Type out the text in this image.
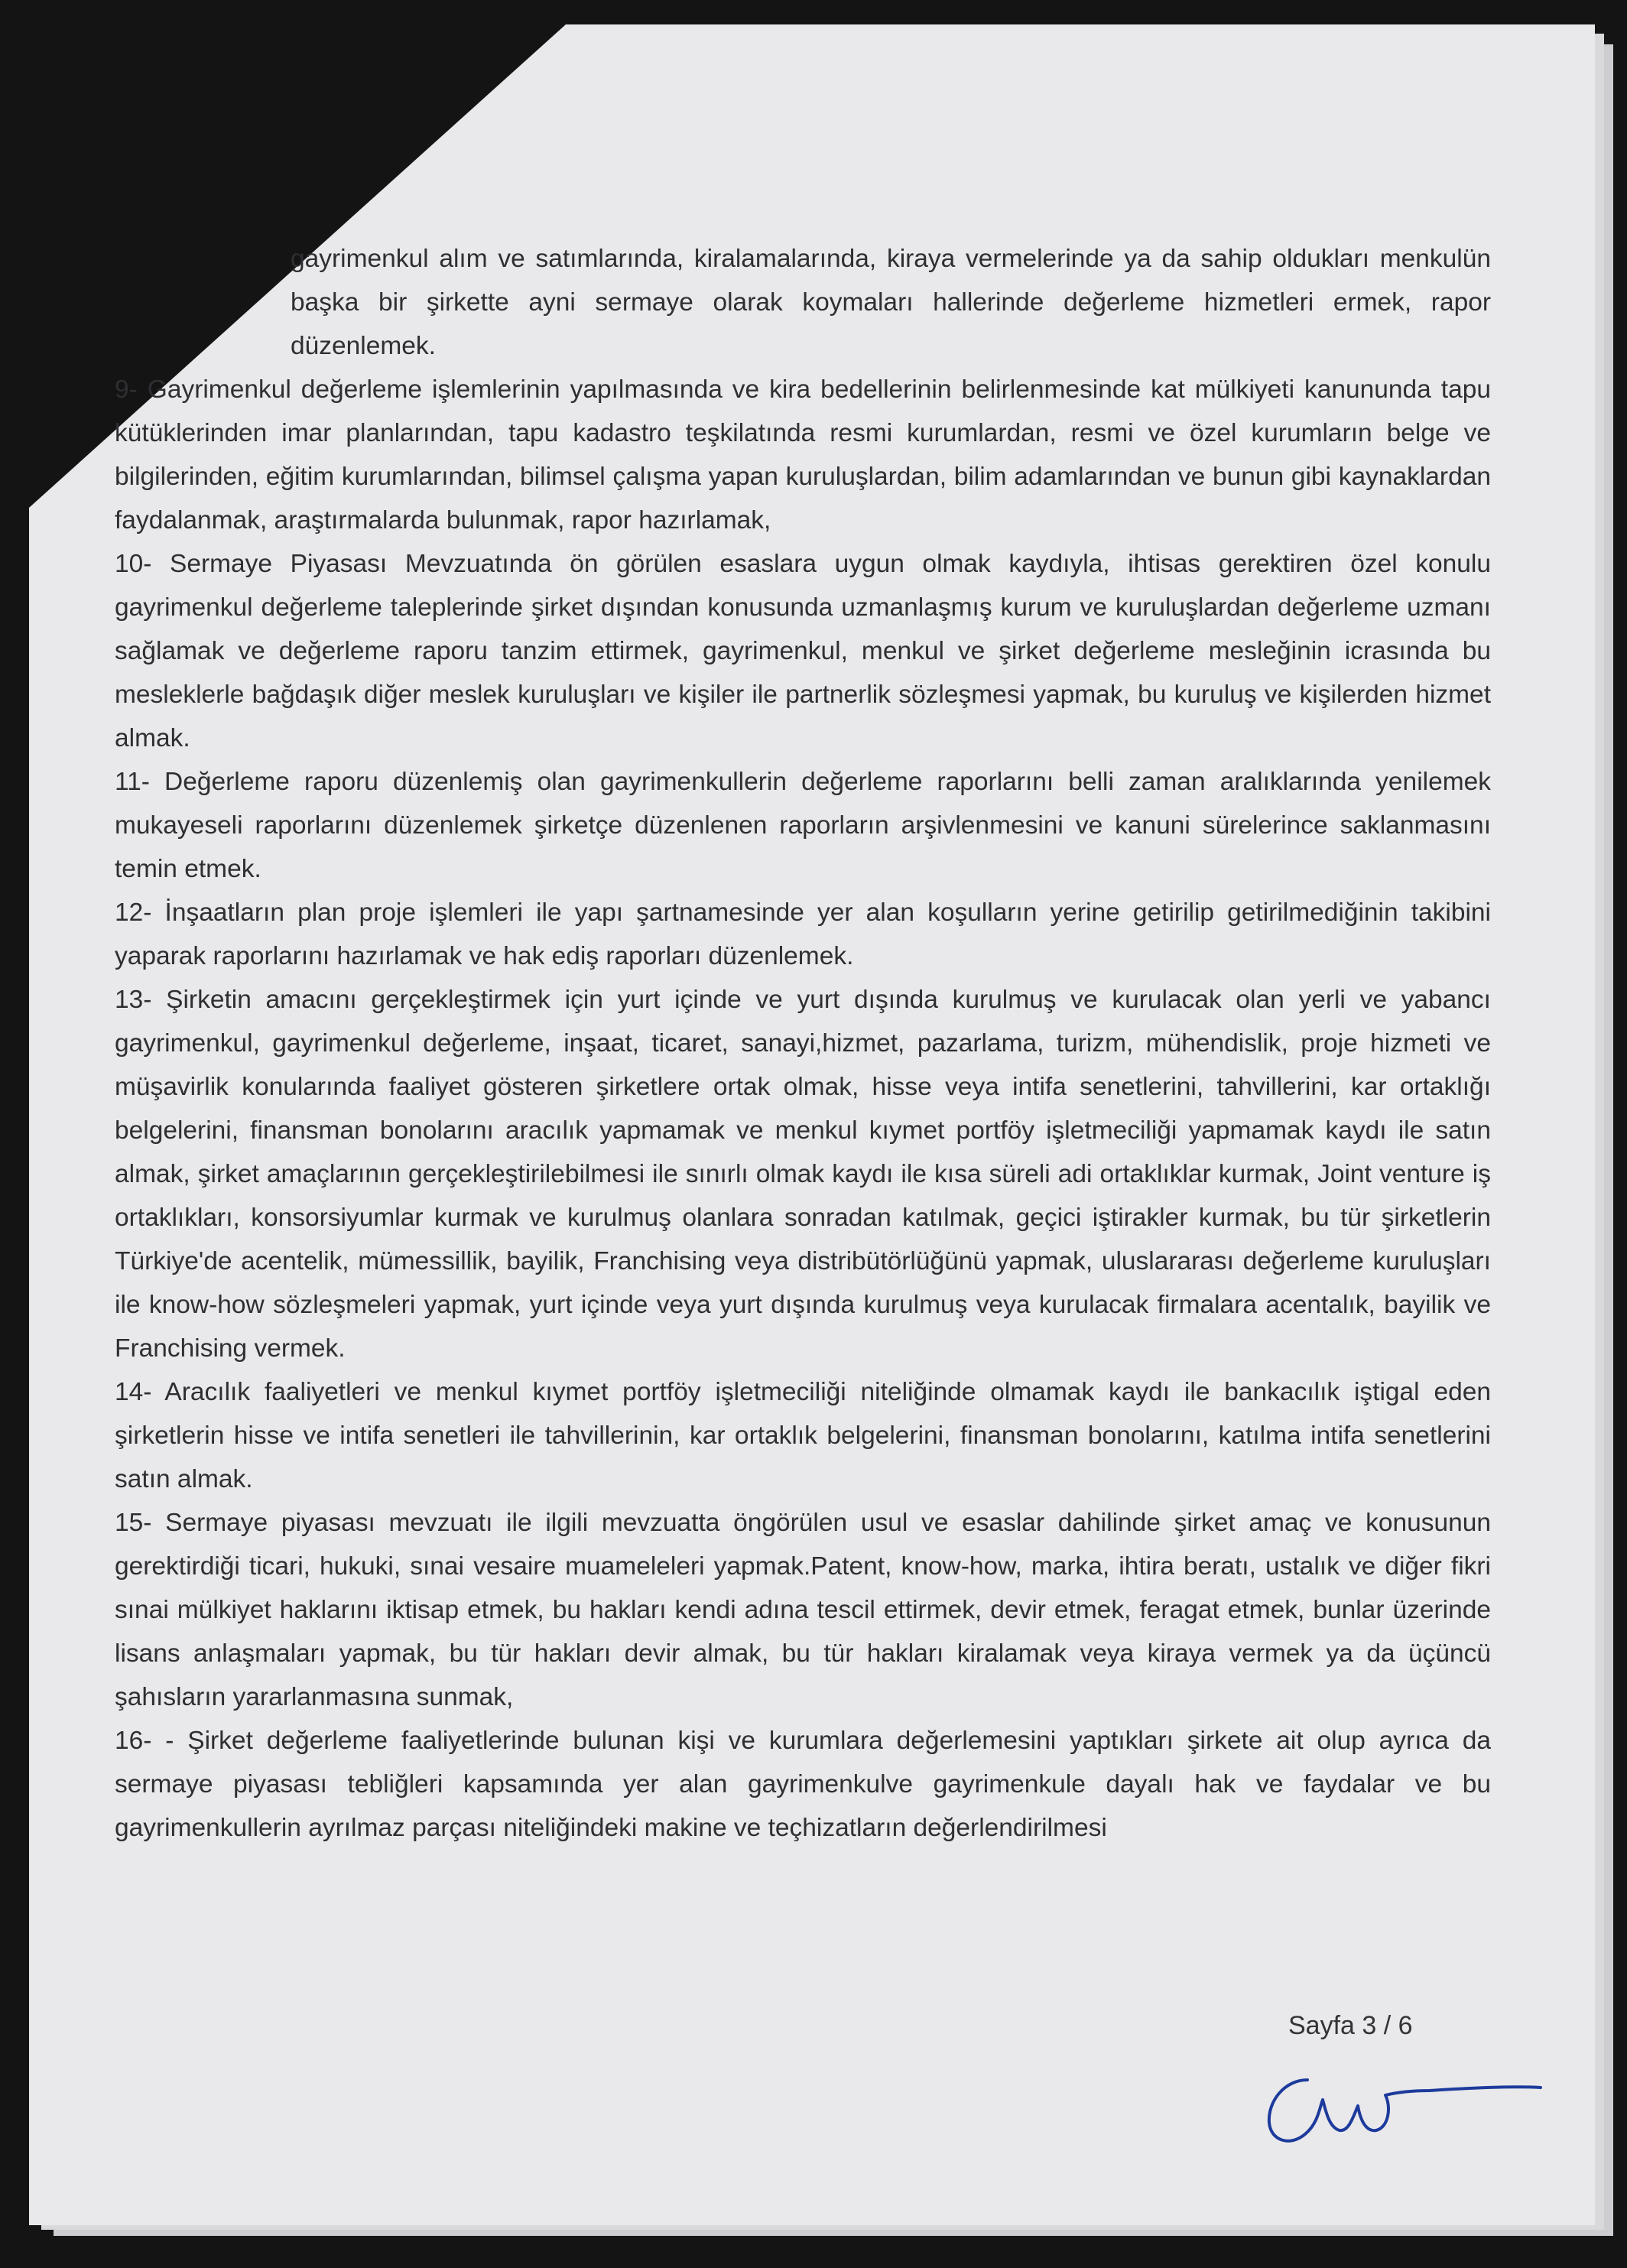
gayrimenkul alım ve satımlarında, kiralamalarında, kiraya vermelerinde ya da sahip oldukları menkulün başka bir şirkette ayni sermaye olarak koymaları hallerinde değerleme hizmetleri ermek, rapor düzenlemek.

9- Gayrimenkul değerleme işlemlerinin yapılmasında ve kira bedellerinin belirlenmesinde kat mülkiyeti kanununda tapu kütüklerinden imar planlarından, tapu kadastro teşkilatında resmi kurumlardan, resmi ve özel kurumların belge ve bilgilerinden, eğitim kurumlarından, bilimsel çalışma yapan kuruluşlardan, bilim adamlarından ve bunun gibi kaynaklardan faydalanmak, araştırmalarda bulunmak, rapor hazırlamak,

10- Sermaye Piyasası Mevzuatında ön görülen esaslara uygun olmak kaydıyla, ihtisas gerektiren özel konulu gayrimenkul değerleme taleplerinde şirket dışından konusunda uzmanlaşmış kurum ve kuruluşlardan değerleme uzmanı sağlamak ve değerleme raporu tanzim ettirmek, gayrimenkul, menkul ve şirket değerleme mesleğinin icrasında bu mesleklerle bağdaşık diğer meslek kuruluşları ve kişiler ile partnerlik sözleşmesi yapmak, bu kuruluş ve kişilerden hizmet almak.

11- Değerleme raporu düzenlemiş olan gayrimenkullerin değerleme raporlarını belli zaman aralıklarında yenilemek mukayeseli raporlarını düzenlemek şirketçe düzenlenen raporların arşivlenmesini ve kanuni sürelerince saklanmasını temin etmek.

12- İnşaatların plan proje işlemleri ile yapı şartnamesinde yer alan koşulların yerine getirilip getirilmediğinin takibini yaparak raporlarını hazırlamak ve hak ediş raporları düzenlemek.

13- Şirketin amacını gerçekleştirmek için yurt içinde ve yurt dışında kurulmuş ve kurulacak olan yerli ve yabancı gayrimenkul, gayrimenkul değerleme, inşaat, ticaret, sanayi,hizmet, pazarlama, turizm, mühendislik, proje hizmeti ve müşavirlik konularında faaliyet gösteren şirketlere ortak olmak, hisse veya intifa senetlerini, tahvillerini, kar ortaklığı belgelerini, finansman bonolarını aracılık yapmamak ve menkul kıymet portföy işletmeciliği yapmamak kaydı ile satın almak, şirket amaçlarının gerçekleştirilebilmesi ile sınırlı olmak kaydı ile kısa süreli adi ortaklıklar kurmak, Joint venture iş ortaklıkları, konsorsiyumlar kurmak ve kurulmuş olanlara sonradan katılmak, geçici iştirakler kurmak, bu tür şirketlerin Türkiye'de acentelik, mümessillik, bayilik, Franchising veya distribütörlüğünü yapmak, uluslararası değerleme kuruluşları ile know-how sözleşmeleri yapmak, yurt içinde veya yurt dışında kurulmuş veya kurulacak firmalara acentalık, bayilik ve Franchising vermek.

14- Aracılık faaliyetleri ve menkul kıymet portföy işletmeciliği niteliğinde olmamak kaydı ile bankacılık iştigal eden şirketlerin hisse ve intifa senetleri ile tahvillerinin, kar ortaklık belgelerini, finansman bonolarını, katılma intifa senetlerini satın almak.

15- Sermaye piyasası mevzuatı ile ilgili mevzuatta öngörülen usul ve esaslar dahilinde şirket amaç ve konusunun gerektirdiği ticari, hukuki, sınai vesaire muameleleri yapmak.Patent, know-how, marka, ihtira beratı, ustalık ve diğer fikri sınai mülkiyet haklarını iktisap etmek, bu hakları kendi adına tescil ettirmek, devir etmek, feragat etmek, bunlar üzerinde lisans anlaşmaları yapmak, bu tür hakları devir almak, bu tür hakları kiralamak veya kiraya vermek ya da üçüncü şahısların yararlanmasına sunmak,

16- - Şirket değerleme faaliyetlerinde bulunan kişi ve kurumlara değerlemesini yaptıkları şirkete ait olup ayrıca da sermaye piyasası tebliğleri kapsamında yer alan gayrimenkulve gayrimenkule dayalı hak ve faydalar ve bu gayrimenkullerin ayrılmaz parçası niteliğindeki makine ve teçhizatların değerlendirilmesi

Sayfa 3 / 6
